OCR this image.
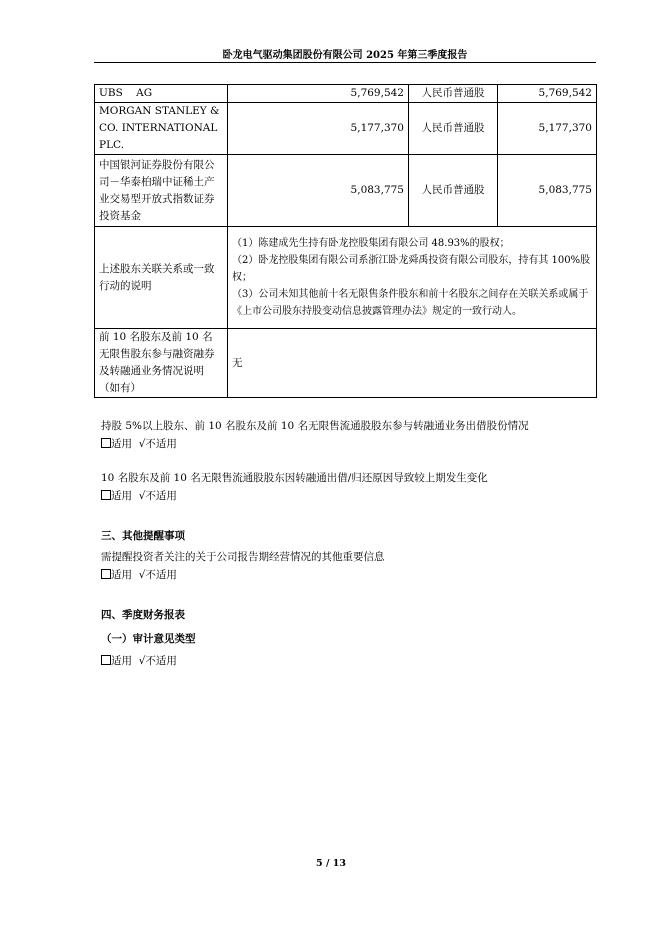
卧龙电气驱动集团股份有限公司 2025 年第三季度报告
UBS    AG	5,769,542	人民币普通股	5,769,542
MORGAN STANLEY & CO. INTERNATIONAL PLC.	5,177,370	人民币普通股	5,177,370
中国银河证券股份有限公司－华泰柏瑞中证稀土产业交易型开放式指数证券投资基金	5,083,775	人民币普通股	5,083,775
上述股东关联关系或一致行动的说明	（1）陈建成先生持有卧龙控股集团有限公司 48.93%的股权；
（2）卧龙控股集团有限公司系浙江卧龙舜禹投资有限公司股东，持有其 100%股权；
（3）公司未知其他前十名无限售条件股东和前十名股东之间存在关联关系或属于《上市公司股东持股变动信息披露管理办法》规定的一致行动人。		

前 10 名股东及前 10 名无限售股东参与融资融券及转融通业务情况说明（如有）	无		
持股 5%以上股东、前 10 名股东及前 10 名无限售流通股股东参与转融通业务出借股份情况
适用 √不适用
10 名股东及前 10 名无限售流通股股东因转融通出借/归还原因导致较上期发生变化
适用 √不适用
三、其他提醒事项
需提醒投资者关注的关于公司报告期经营情况的其他重要信息
适用 √不适用
四、季度财务报表
（一）审计意见类型
适用 √不适用
5 / 13
